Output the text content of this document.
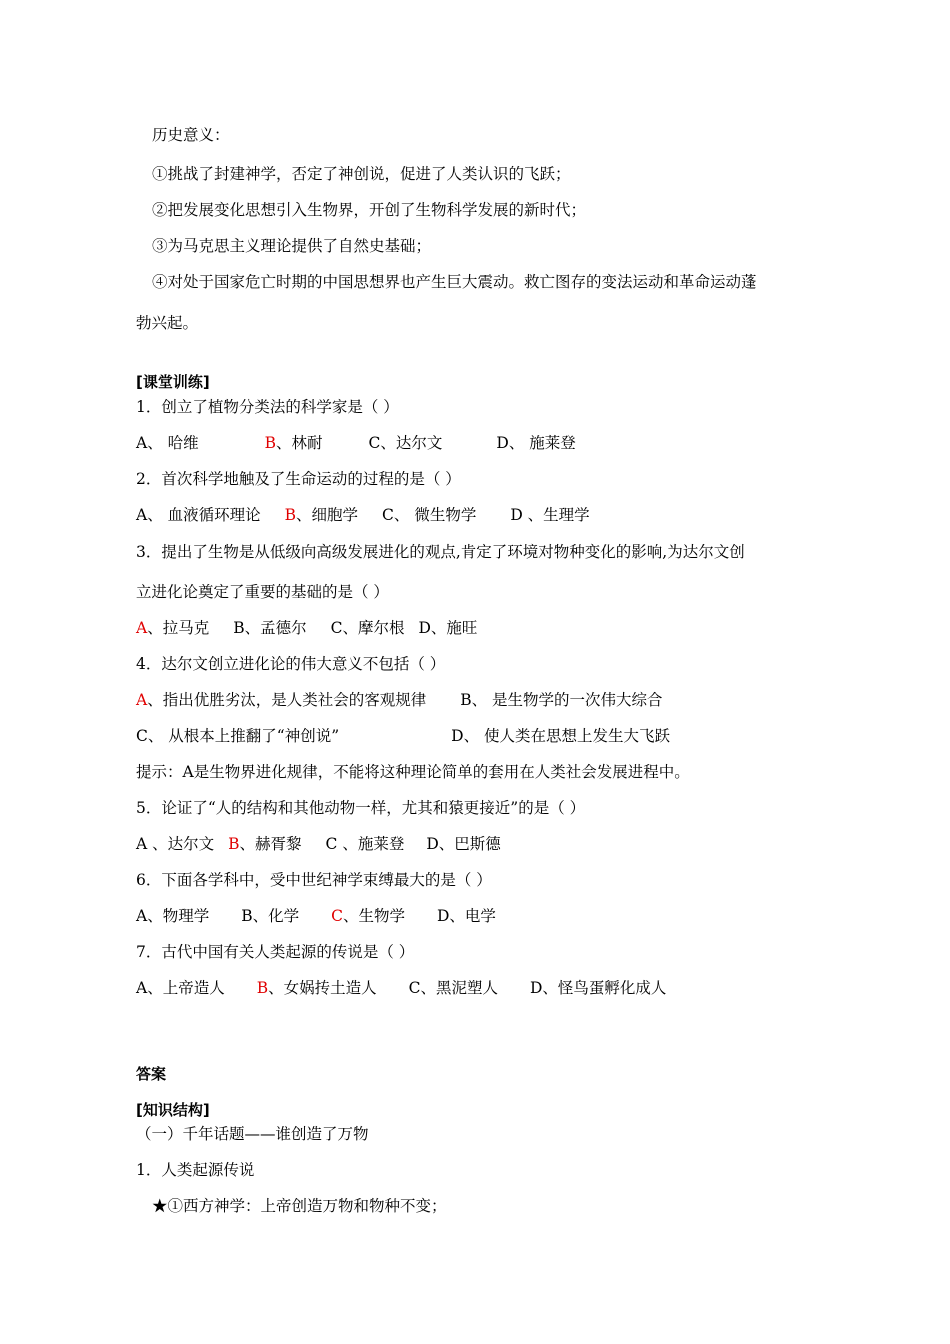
历史意义：
①挑战了封建神学，否定了神创说，促进了人类认识的飞跃；
②把发展变化思想引入生物界，开创了生物科学发展的新时代；
③为马克思主义理论提供了自然史基础；
④对处于国家危亡时期的中国思想界也产生巨大震动。救亡图存的变法运动和革命运动蓬
勃兴起。
[课堂训练]
1．创立了植物分类法的科学家是（ ）
A、 哈维	B、林耐	C、达尔文	D、 施莱登
2．首次科学地触及了生命运动的过程的是（ ）
A、 血液循环理论 B、细胞学 C、 微生物学 D 、生理学
3．提出了生物是从低级向高级发展进化的观点,肯定了环境对物种变化的影响,为达尔文创
立进化论奠定了重要的基础的是（ ）
A、拉马克 B、孟德尔 C、摩尔根 D、施旺
4．达尔文创立进化论的伟大意义不包括（ ）
A、指出优胜劣汰，是人类社会的客观规律 B、 是生物学的一次伟大综合
C、 从根本上推翻了“神创说”	D、 使人类在思想上发生大飞跃
提示：A是生物界进化规律，不能将这种理论简单的套用在人类社会发展进程中。
5．论证了“人的结构和其他动物一样，尤其和猿更接近”的是（ ）
A 、达尔文 B、赫胥黎 C 、施莱登 D、巴斯德
6．下面各学科中，受中世纪神学束缚最大的是（ ）
A、物理学 B、化学 C、生物学 D、电学
7．古代中国有关人类起源的传说是（ ）
A、上帝造人 B、女娲抟土造人 C、黑泥塑人 D、怪鸟蛋孵化成人
答案
[知识结构]
（一）千年话题——谁创造了万物
1．人类起源传说
★①西方神学：上帝创造万物和物种不变；
